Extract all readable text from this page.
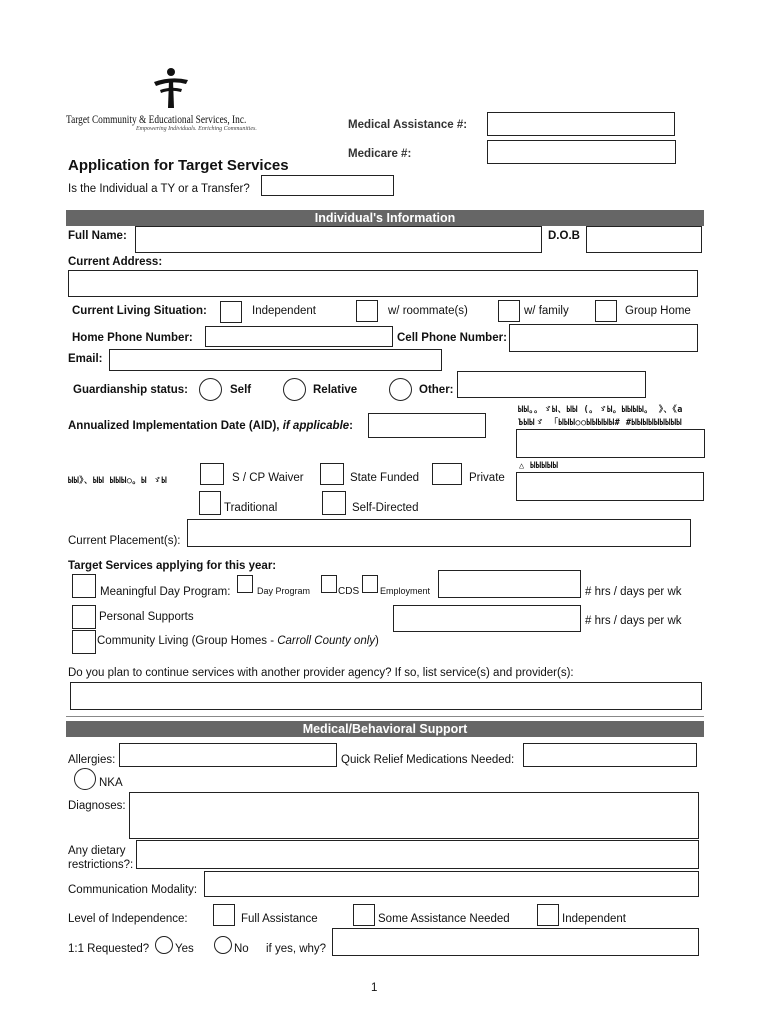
Target Community & Educational Services, Inc.
Empowering Individuals. Enriching Communities.	Medical Assistance #:
Medicare #:
Application for Target Services
Is the Individual a TY or a Transfer?
Individual's Information
Full Name:	D.O.B
Current Address:
Current Living Situation:	Independent	w/ roommate(s)	w/ family	Group Home
Home Phone Number:	Cell Phone Number:
Email:
Guardianship status:	Self	Relative	Other:
Annualized Implementation Date (AID), if applicable:
ЫЫ。。ゞЫ、ЫЫ (。ゞЫ。ЫЫЫЫ。 》、《a
ЪЫЫゞ 「ЫЫЫ○○ЫЫЫЫЫ# #ЫЫЫЫЫЫЫЫЫ
△ ЫЫЫЫЫ
ЫЫ》、ЫЫ ЫЫЫ○。Ы ゞЫ	S / CP Waiver	State Funded	Private
Traditional	Self-Directed
Current Placement(s):
Target Services applying for this year:
Meaningful Day Program:	Day Program	CDS Employment	# hrs / days per wk
Personal Supports	# hrs / days per wk
Community Living (Group Homes - Carroll County only)
Do you plan to continue services with another provider agency? If so, list service(s) and provider(s):
Medical/Behavioral Support
Allergies:	Quick Relief Medications Needed:
NKA
Diagnoses:
Any dietary
restrictions?:
Communication Modality:
Level of Independence:	Full Assistance	Some Assistance Needed	Independent
1:1 Requested? Yes	No if yes, why?
1
